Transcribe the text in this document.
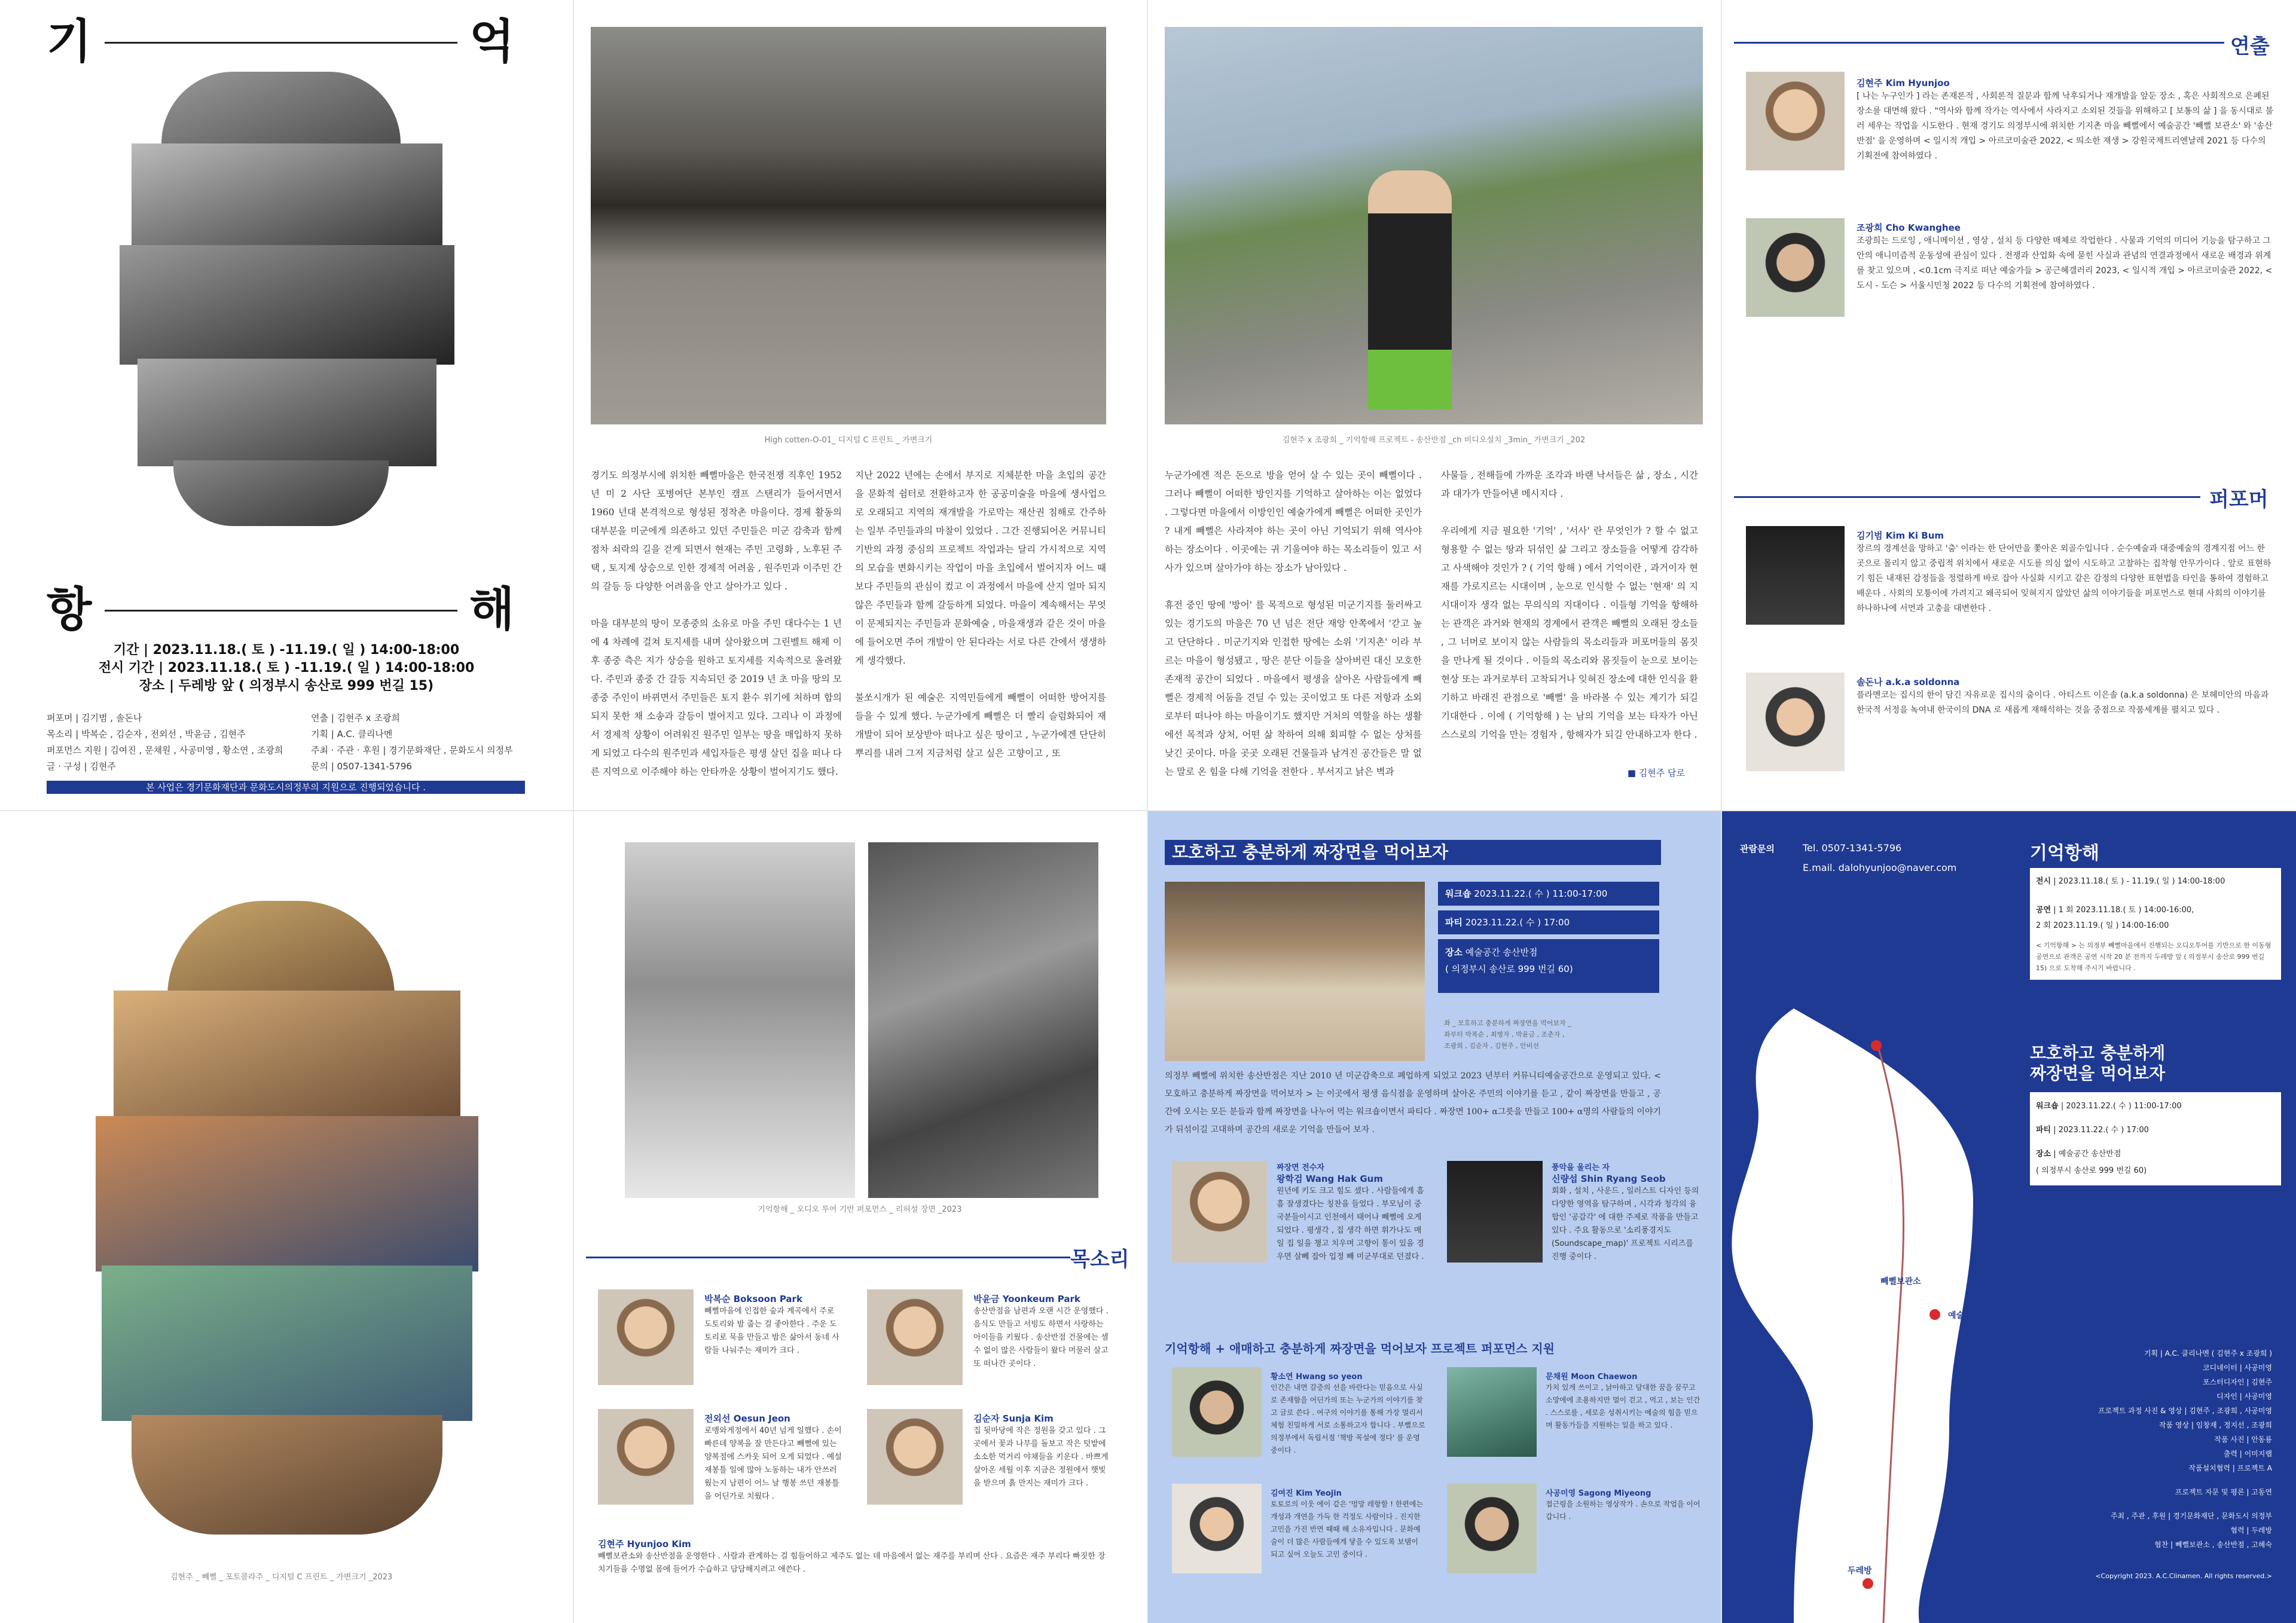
기	억
항	해
기간 | 2023.11.18.( 토 ) -11.19.( 일 ) 14:00-18:00
전시 기간 | 2023.11.18.( 토 ) -11.19.( 일 ) 14:00-18:00
장소 | 두레방 앞 ( 의정부시 송산로 999 번길 15)
퍼포머 | 김기범 , 솔돈나
목소리 | 박복순 , 김순자 , 전외선 , 박윤금 , 김현주
퍼포먼스 지원 | 김여진 , 문채원 , 사공미영 , 황소연 , 조광희
글 · 구성 | 김현주
연출 | 김현주 x 조광희
기획 | A.C. 클리나멘
주최 · 주관 · 후원 | 경기문화재단 , 문화도시 의정부
문의 | 0507-1341-5796
본 사업은 경기문화재단과 문화도시의정부의 지원으로 진행되었습니다 .
High cotten-O-01_ 디지털 C 프린트 _ 가변크기
경기도 의정부시에 위치한 빼뻘마을은 한국전쟁 직후인 1952 년 미 2 사단 포병여단 본부인 캠프 스탠리가 들어서면서 1960 년대 본격적으로 형성된 정착촌 마을이다. 경제 활동의 대부분을 미군에게 의존하고 있던 주민들은 미군 감축과 함께 점차 쇠락의 길을 걷게 되면서 현재는 주민 고령화 , 노후된 주택 , 토지계 상승으로 인한 경제적 어려움 , 원주민과 이주민 간의 갈등 등 다양한 어려움을 안고 살아가고 있다 .

마을 대부분의 땅이 모종중의 소유로 마을 주민 대다수는 1 년에 4 차례에 걸쳐 토지세를 내며 살아왔으며 그린벨트 해제 이후 종중 측은 지가 상승을 원하고 토지세를 지속적으로 올려왔다. 주민과 종중 간 갈등 지속되던 중 2019 년 초 마을 땅의 모종중 주인이 바뀌면서 주민들은 토지 환수 위기에 처하며 합의되지 못한 채 소송과 갈등이 벌어지고 있다. 그리나 이 과정에서 경제적 상황이 어려워진 원주민 일부는 땅을 매입하지 못하게 되었고 다수의 원주민과 세입자들은 평생 살던 집을 떠나 다른 지역으로 이주해야 하는 안타까운 상황이 벌어지기도 했다.
지난 2022 년에는 손에서 부지로 지체분한 마을 초입의 공간을 문화적 쉼터로 전환하고자 한 공공미술을 마을에 생사업으로 오래되고 지역의 재개발을 가로막는 재산권 침해로 간주하는 일부 주민들과의 마찰이 있었다 . 그간 진행되어온 커뮤니티 기반의 과정 중심의 프로젝트 작업과는 달리 가시적으로 지역의 모습을 변화시키는 작업이 마을 초입에서 벌어지자 어느 때 보다 주민들의 관심이 컸고 이 과정에서 마을에 산지 얼마 되지 않은 주민들과 함께 갈등하게 되었다. 마을이 계속해서는 무엇이 문제되지는 주민들과 문화예술 , 마을재생과 같은 것이 마을에 들어오면 주어 개발이 안 된다라는 서로 다른 간에서 생생하게 생각했다.

불쏘시개가 된 예술은 지역민들에게 빼뻘이 어떠한 방어지를 들을 수 있게 했다. 누군가에게 빼뻘은 더 빨리 슬럼화되어 재개발이 되어 보상받아 떠나고 싶은 땅이고 , 누군가에겐 단단히 뿌리를 내려 그저 지금처럼 살고 싶은 고향이고 , 또
김현주 x 조광희 _ 기억항해 프로젝트 - 송산반점 _ch 비디오설치 _3min_ 가변크기 _202
누군가에겐 적은 돈으로 방을 얻어 살 수 있는 곳이 빼뻘이다 . 그러나 빼뻘이 어떠한 방인지를 기억하고 살아하는 이는 없었다 . 그렇다면 마을에서 이방인인 예술가에게 빼뻘은 어떠한 곳인가 ? 내게 빼뻘은 사라져야 하는 곳이 아닌 기억되기 위해 역사야 하는 장소이다 . 이곳에는 귀 기울여야 하는 목소리들이 있고 서사가 있으며 살아가야 하는 장소가 남아있다 .

휴전 중인 땅에 '방어' 를 목적으로 형성된 미군기지를 둘러싸고 있는 경기도의 마을은 70 년 넘은 전단 재앙 안쪽에서 '갇고 높고 단단하다 . 미군기지와 인접한 땅에는 소위 '기지촌' 이라 부르는 마을이 형성됐고 , 땅은 분단 이들을 살아버린 대신 모호한 존재적 공간이 되었다 . 마을에서 평생을 살아온 사람들에게 빼뻘은 경제적 어둠을 견딜 수 있는 곳이었고 또 다른 저항과 소외로부터 떠나야 하는 마을이기도 했지만 거처의 역할을 하는 생활에선 목적과 상처, 어떤 삶 착하여 의해 회피할 수 없는 상처를 낮긴 곳이다. 마을 곳곳 오래된 건물들과 남겨진 공간들은 말 없는 말로 온 힘을 다해 기억을 전한다 . 부서지고 낡은 벽과
사물들 , 전해들에 가까운 조각과 바랜 낙서들은 삶 , 장소 , 시간과 대가가 만들어낸 메시지다 .

우리에게 지금 필요한 '기억' , '서사' 란 무엇인가 ? 할 수 없고 형용할 수 없는 땅과 뒤섞인 삶 그리고 장소들을 어떻게 감각하고 사색해야 것인가 ? ( 기억 항해 ) 에서 기억이란 , 과거이자 현재를 가로지르는 시대이며 , 눈으로 인식할 수 없는 '현재' 의 지시대이자 생각 없는 무의식의 지대이다 . 이들형 기억을 항해하는 관객은 과거와 현재의 경계에서 관객은 빼뻘의 오래된 장소들 , 그 너머로 보이지 않는 사람들의 목소리들과 퍼포머들의 몸짓을 만나게 될 것이다 . 이들의 목소리와 몸짓들이 눈으로 보이는 현상 또는 과거로부터 고착되거나 잊혀진 장소에 대한 인식을 환기하고 바래진 관점으로 '빼뻘' 을 바라볼 수 있는 계기가 되길 기대한다 . 이에 ( 기억항해 ) 는 남의 기억을 보는 타자가 아닌 스스로의 기억을 만는 경험자 , 항해자가 되길 안내하고자 한다 .
■ 김현주 담로
연출
김현주 Kim Hyunjoo
[ 나는 누구인가 ] 라는 존재론적 , 사회론적 질문과 함께 낙후되거나 재개발을 앞둔 장소 , 혹은 사회적으로 은폐된 장소를 대면해 왔다 . "역사와 함께 작가는 역사에서 사라지고 소외된 것들을 위해하고 [ 보통의 삶 ] 을 동시대로 불러 세우는 작업을 시도한다 . 현재 경기도 의정부시에 위치한 기지촌 마을 빼뻘에서 예술공간 '빼뻘 보관소' 와 '송산반점' 을 운영하며 < 일시적 개입 > 아르코미술관 2022, < 띄소한 재생 > 강원국제트리엔날레 2021 등 다수의 기획전에 참여하였다 .
조광희 Cho Kwanghee
조광희는 드로잉 , 애니메이션 , 영상 , 설치 등 다양한 매체로 작업한다 . 사물과 기억의 미디어 기능을 탐구하고 그 안의 애니미즘적 운동성에 관심이 있다 . 전쟁과 산업화 속에 묻힌 사실과 관념의 연결과정에서 새로운 배경과 위계를 찾고 있으며 , <0.1cm 극지로 떠난 예술가들 > 공근혜갤러리 2023, < 일시적 개입 > 아르코미술관 2022, < 도시 - 도슨 > 서울시민청 2022 등 다수의 기획전에 참여하였다 .
퍼포머
김기범 Kim Ki Bum
장르의 경계선을 망하고 '춤' 이라는 한 단어만을 쫓아온 외골수입니다 . 순수예술과 대중예술의 경계지점 어느 한 곳으로 몰리지 않고 중립적 위치에서 새로운 시도를 의심 없이 시도하고 고찰하는 집착형 안무가이다 . 앞로 표현하기 힘든 내재된 감정들을 정렬하게 바로 잡아 사실화 시키고 같은 감정의 다양한 표현법을 타인을 통하여 경험하고 배운다 . 사회의 모퉁이에 가려지고 왜곡되어 잊혀지지 않았던 삶의 이야기들을 퍼포먼스로 현대 사회의 이야기를 하나하나에 서먼과 고충을 대변한다 .
솔돈나 a.k.a soldonna
플라멘코는 집시의 한이 담긴 자유로운 집시의 춤이다 . 아티스트 이은솔 (a.k.a soldonna) 은 보헤미안의 마음과 한국적 서정을 녹여내 한국이의 DNA 로 새롭게 재해석하는 것을 중점으로 작품세계를 펼치고 있다 .
김현주 _ 빼뻘 _ 포토콜라주 _ 디지털 C 프린트 _ 가변크기 _2023
기억항해 _ 오디오 투어 기반 퍼포먼스 _ 리허설 장면 _2023
목소리
박복순 Boksoon Park
빼뻘마을에 인접한 숲과 계곡에서 주로 도토리와 밤 줍는 걸 좋아한다 . 주운 도토리로 묵을 만들고 밤은 삶아서 동네 사람들 나눠주는 재미가 크다 .
박윤금 Yoonkeum Park
송산반점을 남편과 오랜 시간 운영했다 . 음식도 만들고 서빙도 하면서 사랑하는 아이들을 키웠다 . 송산반점 건물에는 셀 수 없이 많은 사람들이 왔다 머물러 살고 또 떠나간 곳이다 .
전외선 Oesun Jeon
로맹와게정에서 40년 넘게 일했다 . 손이 빠른데 양복을 잘 만든다고 빼뻘에 있는 양복점에 스카웃 되어 오게 되었다 . 예설 재봉틀 일에 많아 노동하는 내가 안쓰러웠는지 남편이 어느 날 행봉 쓰던 재봉틀을 어딘가로 치웠다 .
김순자 Sunja Kim
집 뒷마당에 작은 정원을 갖고 있다 . 그곳에서 꽃과 나무를 돌보고 작은 텃밭에 소소한 먹거리 야채들을 키운다 . 바쁘게 살아온 세월 이후 지금은 정원에서 햇빛을 받으며 흙 만지는 재미가 크다 .
김현주 Hyunjoo Kim
빼뻘보관소와 송산반점을 운영한다 . 사람과 관계하는 걸 힘들어하고 제주도 없는 데 마음에서 없는 재주를 부리며 산다 . 요즘은 재주 부리다 빠짓한 장치기들을 수명없 몸에 들어가 수습하고 담담해지려고 애쓴다 .
모호하고 충분하게 짜장면을 먹어보자
워크숍 2023.11.22.( 수 ) 11:00-17:00
파티 2023.11.22.( 수 ) 17:00
장소 예술공간 송산반점
( 의정부시 송산로 999 번길 60)
좌 _ 모호하고 충분하게 짜장면을 먹어보자 _
좌부터 박복순 , 최병자 , 박윤금 , 조춘자 ,
조광희 , 김순자 , 김현주 , 안비선
의정부 빼뻘에 위치한 송산반점은 지난 2010 년 미군감축으로 폐업하게 되었고 2023 년부터 커뮤니티예술공간으로 운영되고 있다. < 모호하고 충분하게 짜장면을 먹어보자 > 는 이곳에서 평생 음식점을 운영하며 살아온 주민의 이야기를 듣고 , 같이 짜장면을 만들고 , 공간에 오시는 모든 분들과 함께 짜장면을 나누어 먹는 워크숍이면서 파티다 . 짜장면 100+ α그릇을 만들고 100+ α명의 사람들의 이야기가 뒤섞이길 고대하며 공간의 새로운 기억을 만들어 보자 .
짜장면 전수자
왕학검 Wang Hak Gum
원년에 키도 크고 힘도 셌다 . 사람들에게 흠흠 잘생겼다는 칭찬을 들었다 . 부모님이 중국분들이시고 인천에서 태어나 빼뻘에 오게 되었다 . 평생각 , 집 생각 하면 휘가나도 매일 집 일을 챙고 치우며 고향이 통이 있을 경우면 살뻬 잡아 입정 빼 미군부대로 던졌다 .
풍악을 울리는 자
신량섭 Shin Ryang Seob
회화 , 설치 , 사운드 , 일러스트 디자인 등의 다양한 영역을 탐구하며 , 시각과 청각의 융합인 '공감각' 에 대한 주제로 작품을 만들고 있다 . 주요 활동으로 '소리풍경지도 (Soundscape_map)' 프로젝트 시리즈를 진행 중이다 .
기억항해 + 애매하고 충분하게 짜장면을 먹어보자 프로젝트 퍼포먼스 지원
황소연 Hwang so yeon
인간은 내면 갈증의 선을 바란다는 믿음으로 사실로 존재함을 어딘가의 또는 누군가의 이야기를 찾고 글로 쓴다 . 여구의 이야기를 통해 가장 멀리서 체험 친밀하게 서로 소통하고자 합니다 . 부뻘으로 의정부에서 독립서점 '책방 꼭설에 정다' 를 운영 중이다 .
문채원 Moon Chaewon
가치 있게 쓰이고 , 낡아하고 담대한 꿈을 꿈꾸고 소망에에 조용하지만 멀이 걷고 , 먹고 , 보는 인간 . 스스로를 , 세로운 성취시키는 예술의 힘을 믿으며 활동가들을 지원하는 일을 하고 있다 .
김여진 Kim Yeojin
토토로의 이웃 에이 같은 '멍망 레항할 ! 한편에는 개성과 개연을 가득 한 걱정도 사람이다 . 진지한 고민을 가진 반면 때때 해 소유자입니다 . 문화예술이 더 많은 사람들에게 닿을 수 있도록 보탬이 되고 싶어 오늘도 고민 중이다 .
사공미영 Sagong Miyeong
접근링을 소원하는 영상작가 . 손으로 작업을 이어 갑니다 .
관람문의	Tel. 0507-1341-5796
E.mail. dalohyunjoo@naver.com
기억항해
전시 | 2023.11.18.( 토 ) - 11.19.( 일 ) 14:00-18:00
공연 | 1 회 2023.11.18.( 토 ) 14:00-16:00,
2 회 2023.11.19.( 일 ) 14:00-16:00
< 기억항해 > 는 의정부 빼뻘마을에서 진행되는 오디오투어를 기반으로 한 이동형 공연으로 관객은 공연 시작 20 분 전까지 두레방 앞 ( 의정부시 송산로 999 번길 15) 으로 도착해 주시기 바랍니다 .
모호하고 충분하게
짜장면을 먹어보자
워크숍 | 2023.11.22.( 수 ) 11:00-17:00
파티 | 2023.11.22.( 수 ) 17:00
장소 | 예술공간 송산반점
( 의정부시 송산로 999 번길 60)
캠프스탠리출입문
빼뻘보관소
예술공간 송산반점
두레방
기획 | A.C. 클리나멘 ( 김현주 x 조광희 )
코디네이터 | 사공미영
포스터디자인 | 김현주
디자인 | 사공미영
프로젝트 과정 사진 & 영상 | 김현주 , 조광희 , 사공미영
작품 영상 | 임창재 , 정지선 , 조광희
작품 사진 | 안동룡
출력 | 이미지랩
작품설치협력 | 프로젝트 A
프로젝트 자문 및 평론 | 고동연
주최 , 주관 , 후원 | 경기문화재단 , 문화도시 의정부
협력 | 두레방
협찬 | 빼뻘보관소 , 송산반점 , 고혜숙
<Copyright 2023. A.C.Clinamen. All rights reserved.>
